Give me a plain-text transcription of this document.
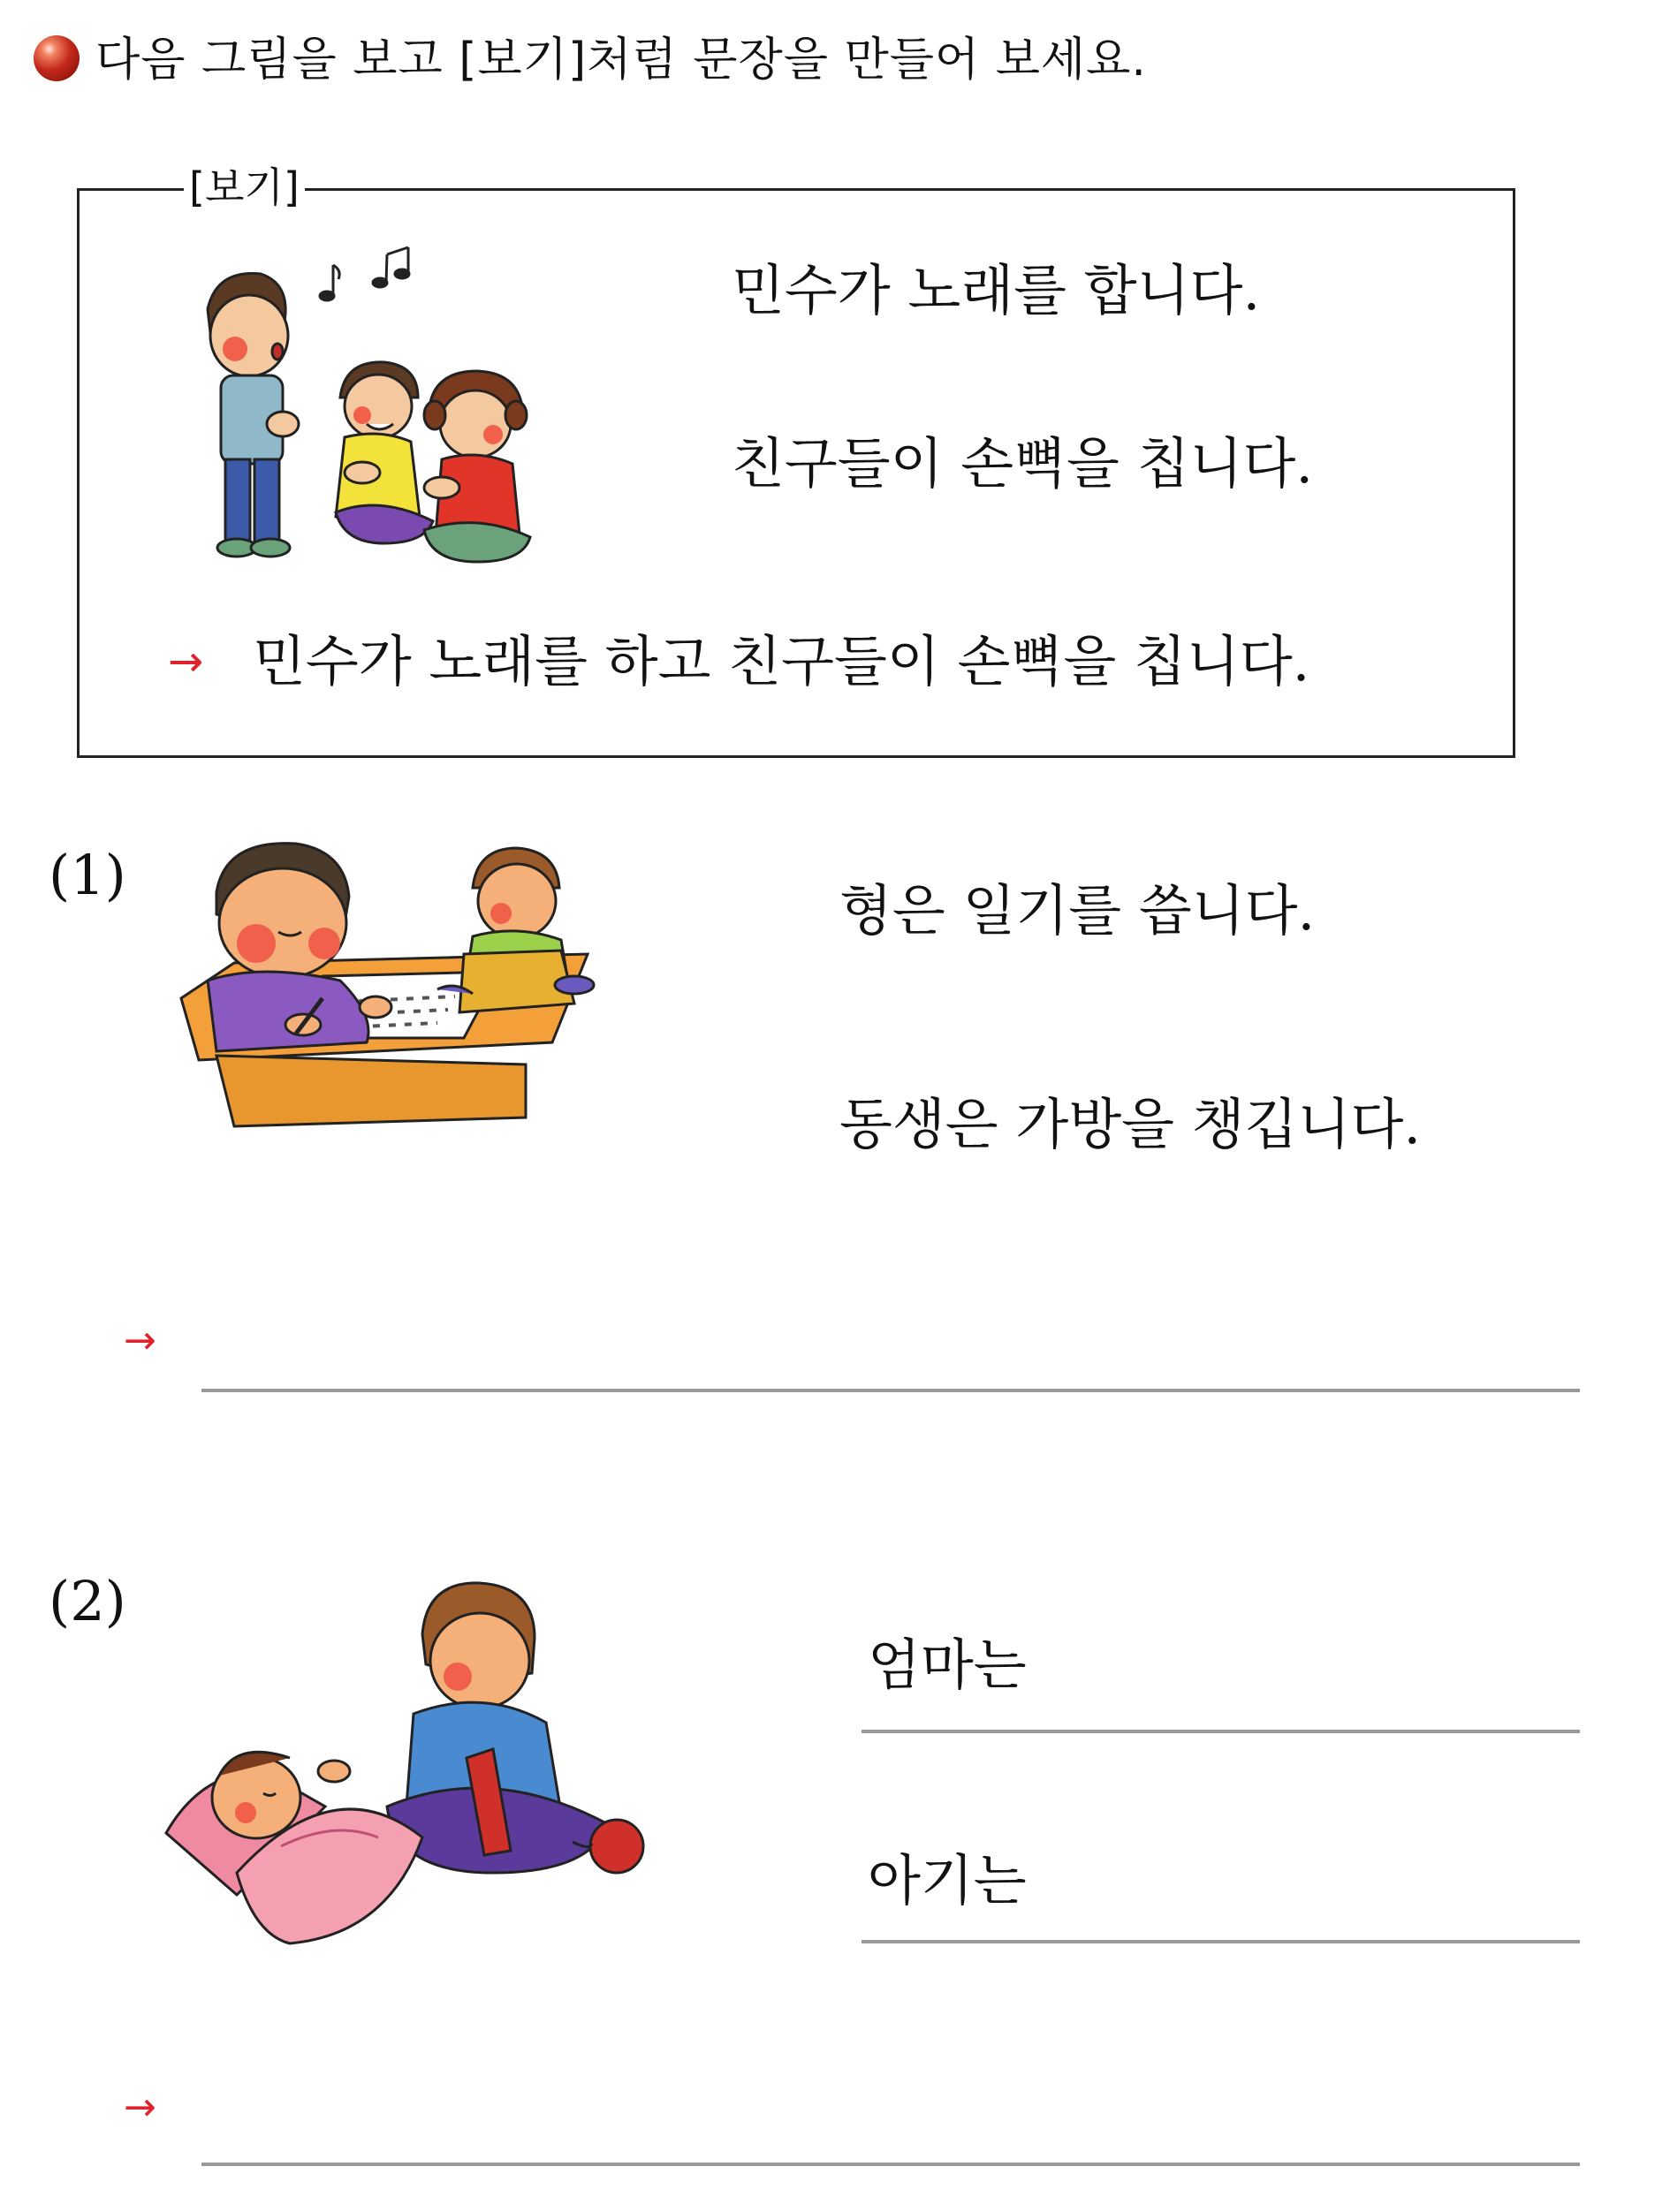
다음 그림을 보고 [보기]처럼 문장을 만들어 보세요.
[보기]
민수가 노래를 합니다.
친구들이 손뼉을 칩니다.
→ 민수가 노래를 하고 친구들이 손뼉을 칩니다.
(1)
형은 일기를 씁니다.
동생은 가방을 챙깁니다.
→
(2)
엄마는
아기는
→
